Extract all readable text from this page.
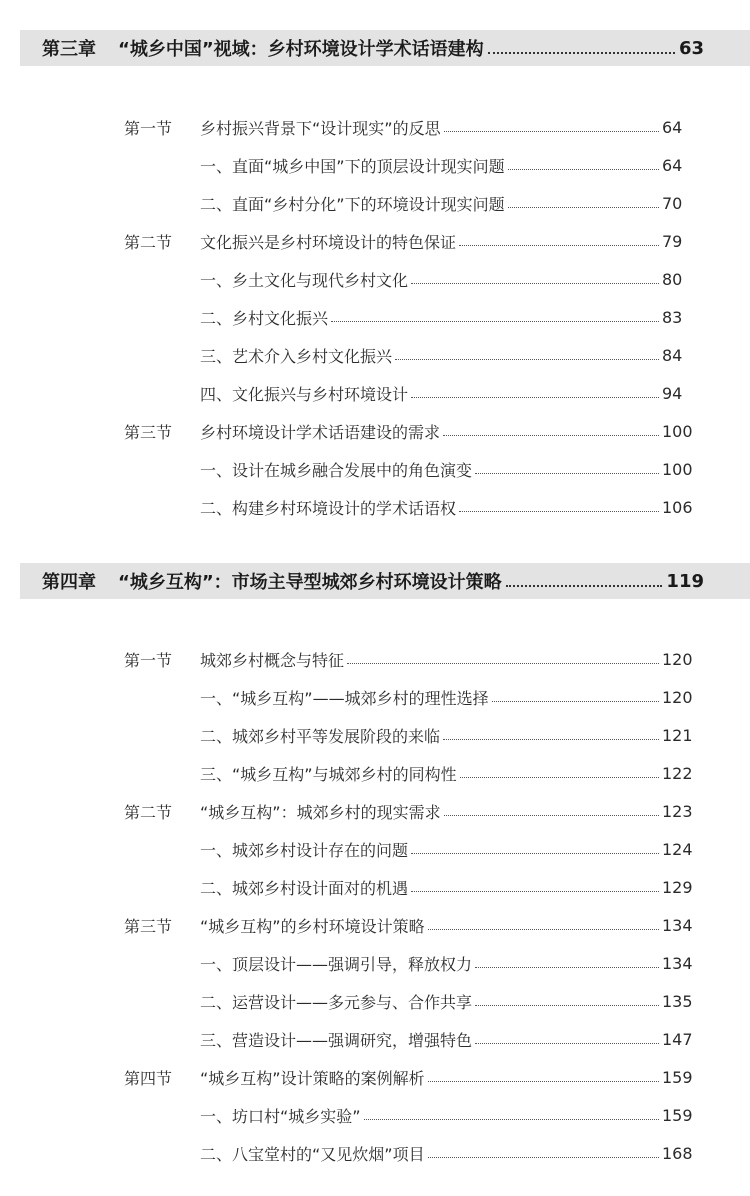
第三章 “城乡中国”视域：乡村环境设计学术话语建构	63
第一节	乡村振兴背景下“设计现实”的反思	64
一、直面“城乡中国”下的顶层设计现实问题	64
二、直面“乡村分化”下的环境设计现实问题	70
第二节	文化振兴是乡村环境设计的特色保证	79
一、乡土文化与现代乡村文化	80
二、乡村文化振兴	83
三、艺术介入乡村文化振兴	84
四、文化振兴与乡村环境设计	94
第三节	乡村环境设计学术话语建设的需求	100
一、设计在城乡融合发展中的角色演变	100
二、构建乡村环境设计的学术话语权	106
第四章 “城乡互构”：市场主导型城郊乡村环境设计策略	119
第一节	城郊乡村概念与特征	120
一、“城乡互构”——城郊乡村的理性选择	120
二、城郊乡村平等发展阶段的来临	121
三、“城乡互构”与城郊乡村的同构性	122
第二节	“城乡互构”：城郊乡村的现实需求	123
一、城郊乡村设计存在的问题	124
二、城郊乡村设计面对的机遇	129
第三节	“城乡互构”的乡村环境设计策略	134
一、顶层设计——强调引导，释放权力	134
二、运营设计——多元参与、合作共享	135
三、营造设计——强调研究，增强特色	147
第四节	“城乡互构”设计策略的案例解析	159
一、坊口村“城乡实验”	159
二、八宝堂村的“又见炊烟”项目	168
